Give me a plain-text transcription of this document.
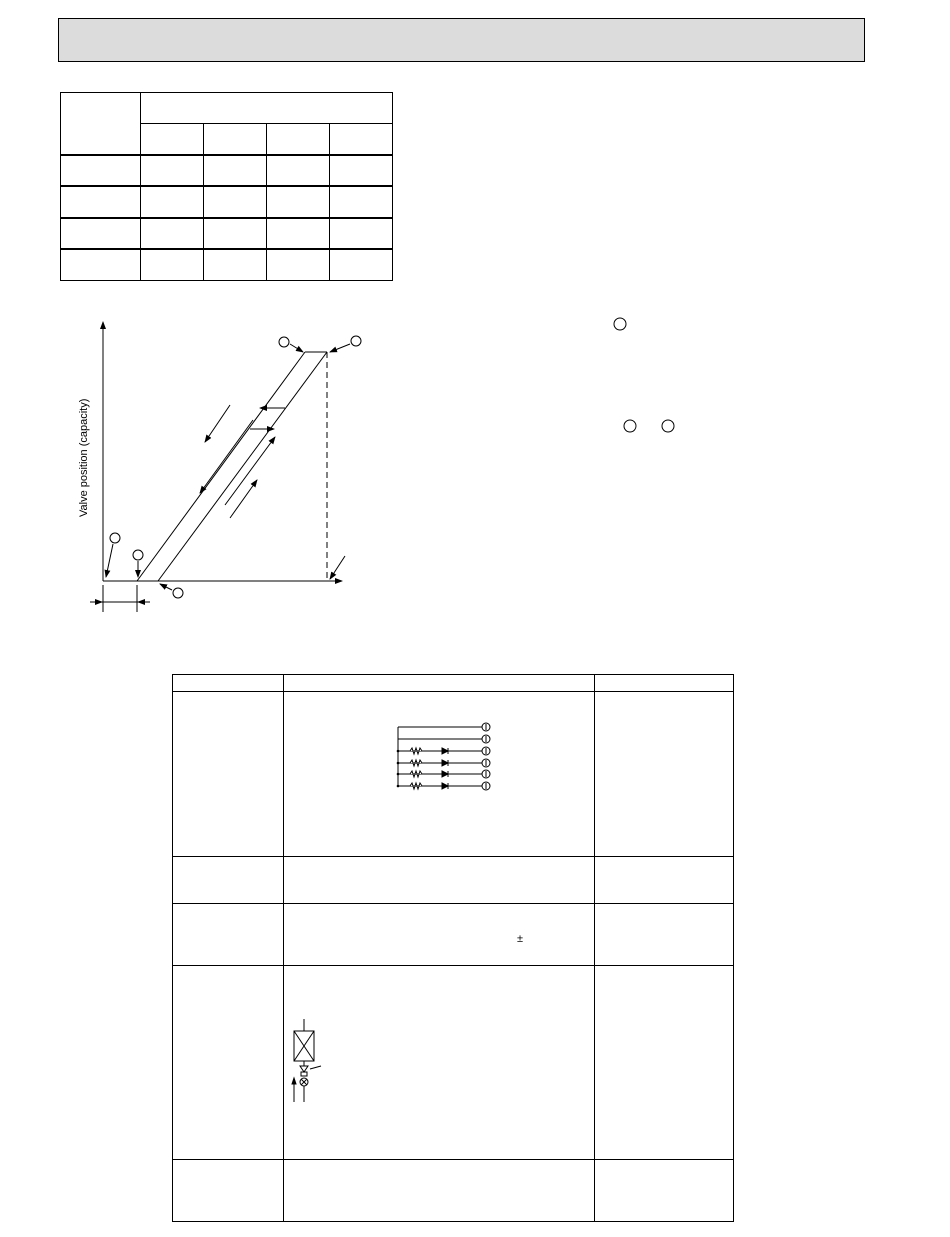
Valve position (capacity)

	±	
